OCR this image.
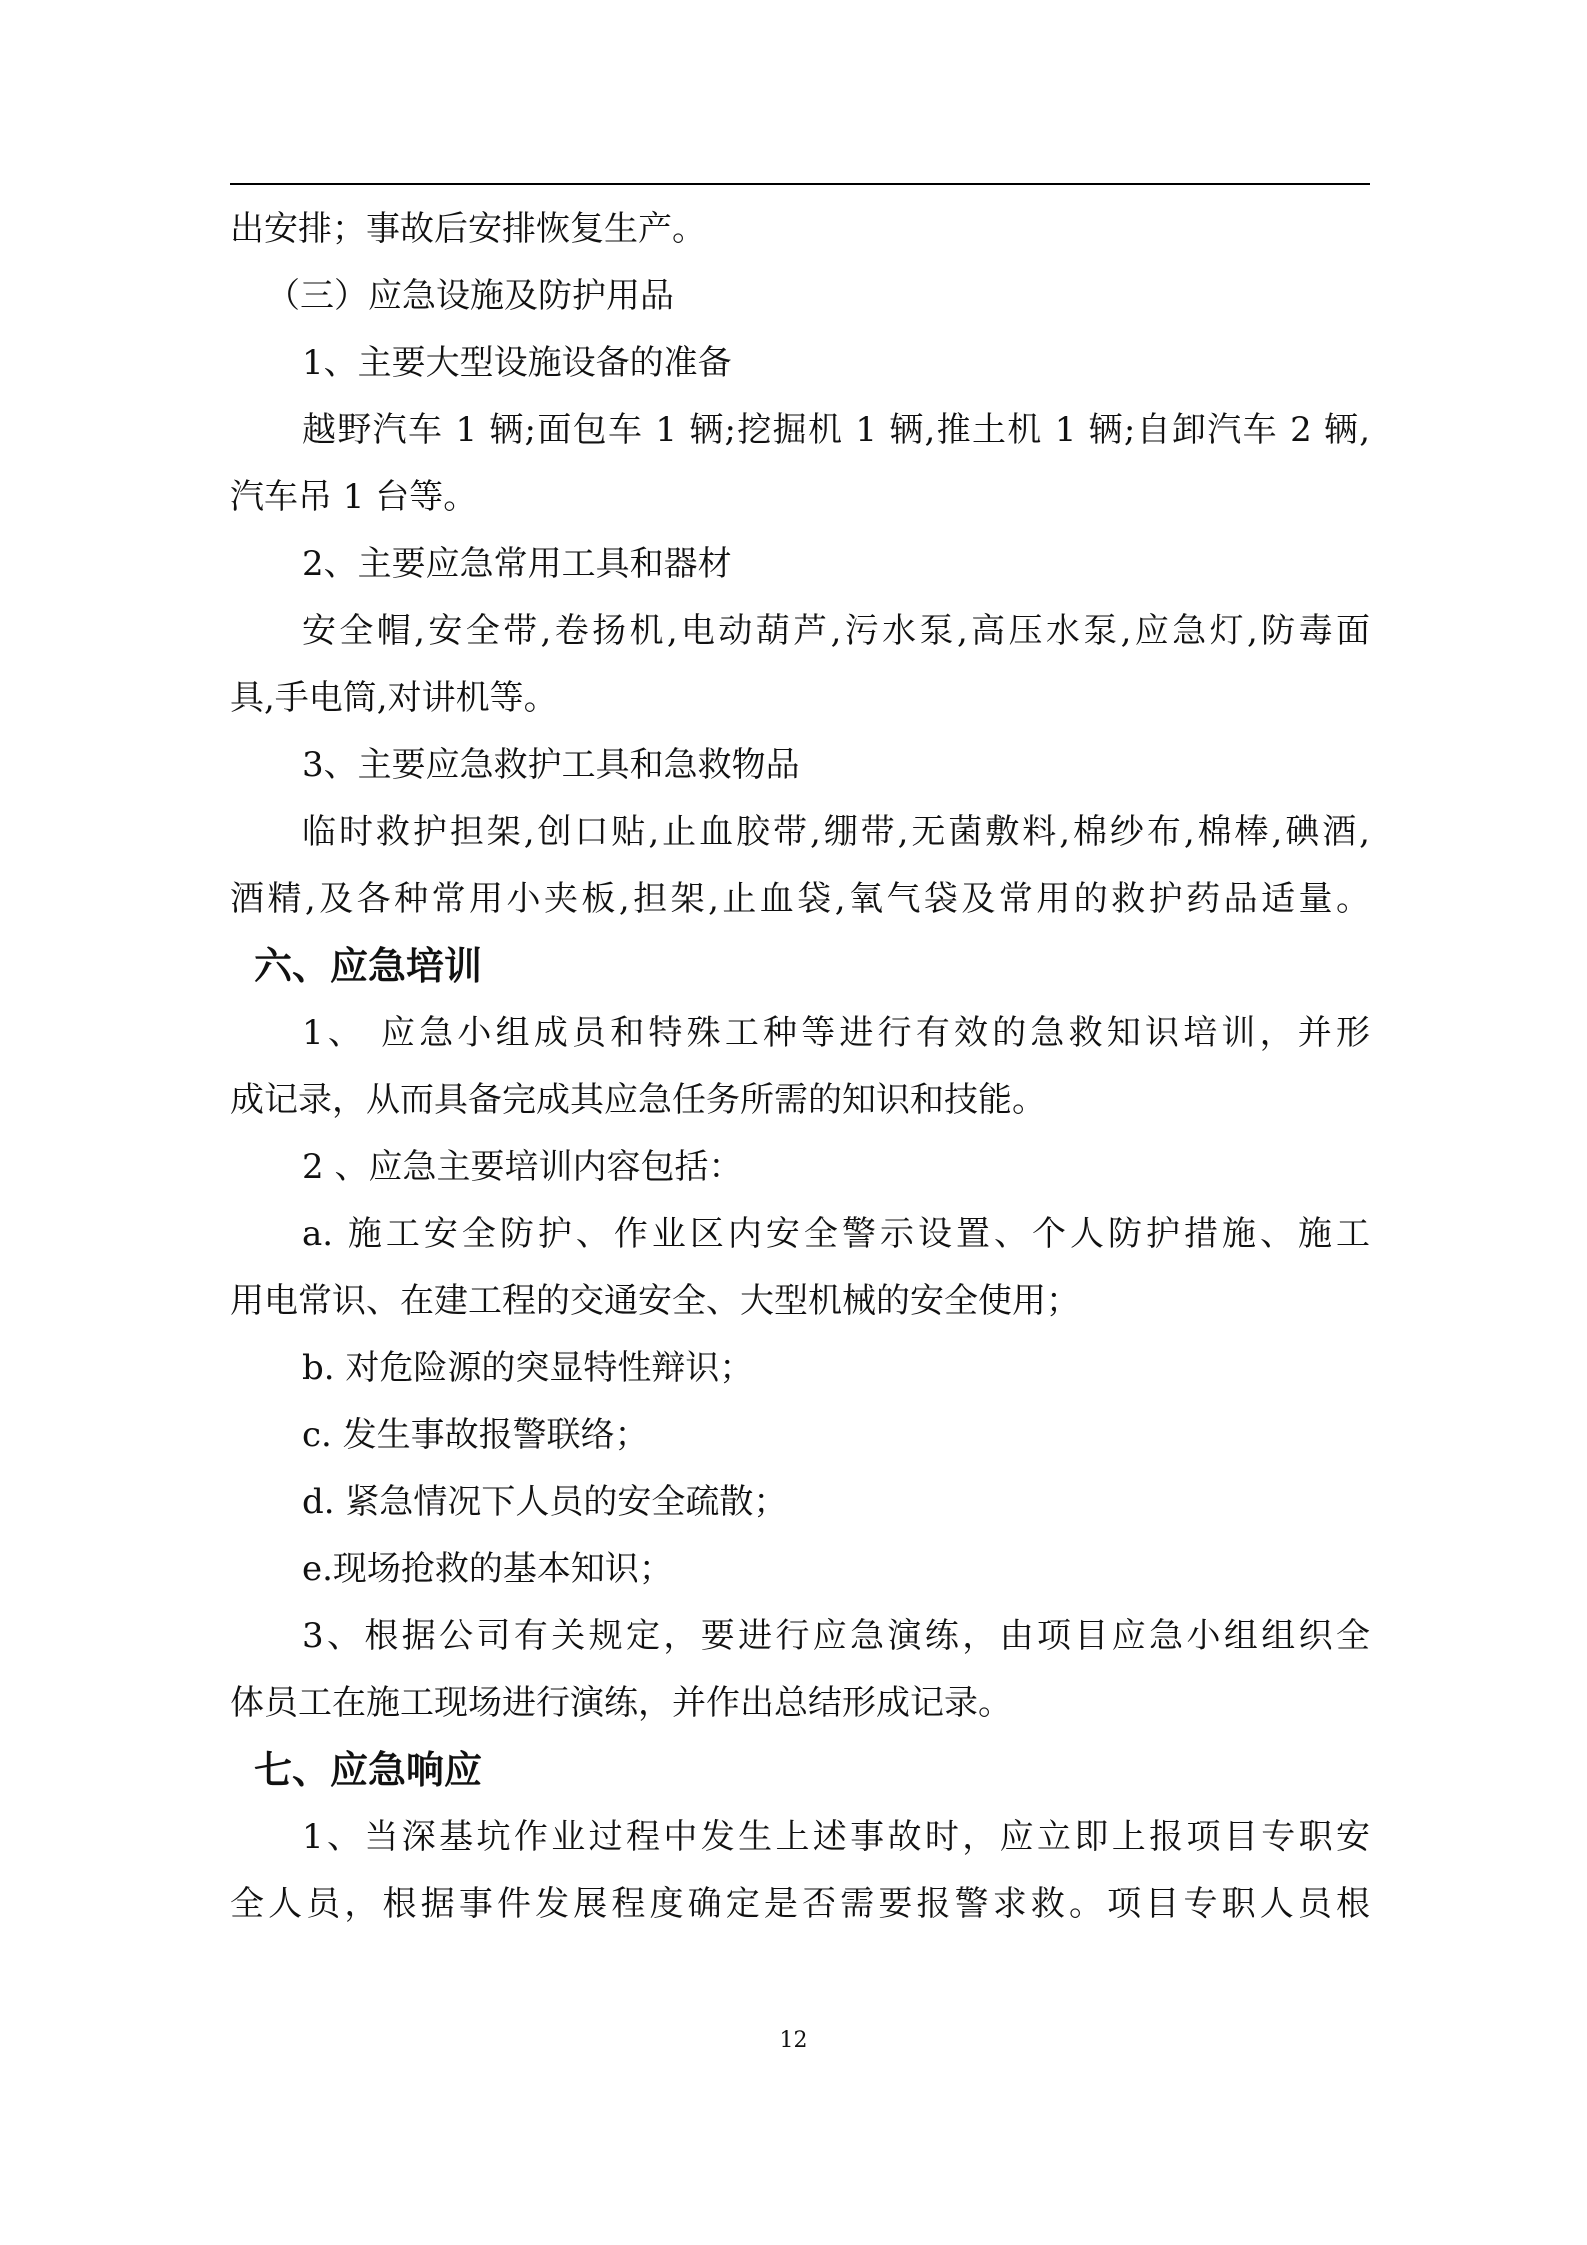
出安排；事故后安排恢复生产。
（三）应急设施及防护用品
1、主要大型设施设备的准备
越野汽车 1 辆;面包车 1 辆;挖掘机 1 辆,推土机 1 辆;自卸汽车 2 辆,
汽车吊 1 台等。
2、主要应急常用工具和器材
安全帽,安全带,卷扬机,电动葫芦,污水泵,高压水泵,应急灯,防毒面
具,手电筒,对讲机等。
3、主要应急救护工具和急救物品
临时救护担架,创口贴,止血胶带,绷带,无菌敷料,棉纱布,棉棒,碘酒,
酒精,及各种常用小夹板,担架,止血袋,氧气袋及常用的救护药品适量。
六、应急培训
1、 应急小组成员和特殊工种等进行有效的急救知识培训，并形
成记录，从而具备完成其应急任务所需的知识和技能。
2 、应急主要培训内容包括：
a. 施工安全防护、作业区内安全警示设置、个人防护措施、施工
用电常识、在建工程的交通安全、大型机械的安全使用；
b. 对危险源的突显特性辩识；
c. 发生事故报警联络；
d. 紧急情况下人员的安全疏散；
e.现场抢救的基本知识；
3、根据公司有关规定，要进行应急演练，由项目应急小组组织全
体员工在施工现场进行演练，并作出总结形成记录。
七、应急响应
1、当深基坑作业过程中发生上述事故时，应立即上报项目专职安
全人员，根据事件发展程度确定是否需要报警求救。项目专职人员根
12
